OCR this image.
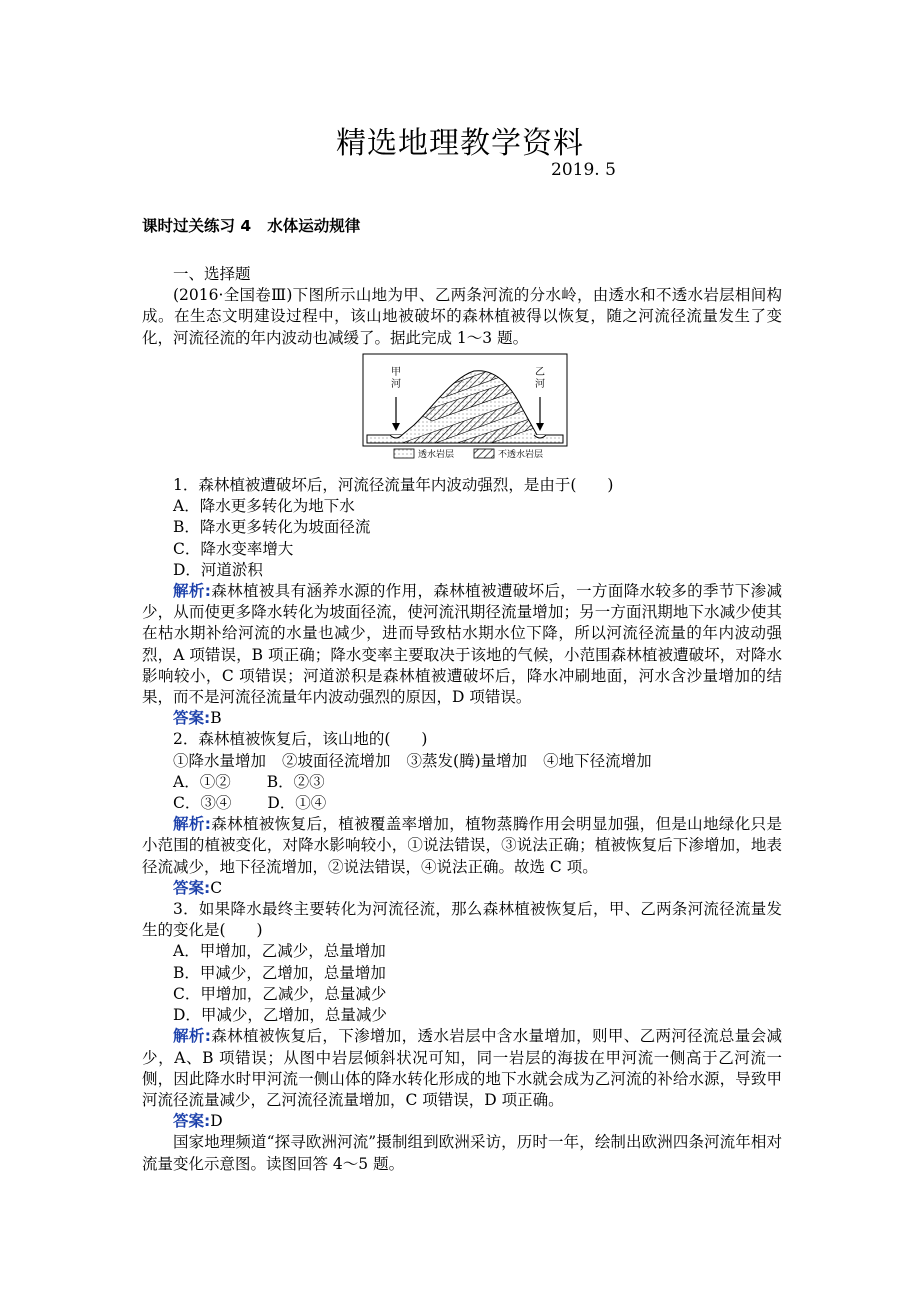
精选地理教学资料
2019. 5
课时过关练习 4 水体运动规律

一、选择题

(2016·全国卷Ⅲ)下图所示山地为甲、乙两条河流的分水岭，由透水和不透水岩层相间构成。在生态文明建设过程中，该山地被破坏的森林植被得以恢复，随之河流径流量发生了变化，河流径流的年内波动也减缓了。据此完成 1～3 题。

甲
河
乙
河
透水岩层	不透水岩层

1．森林植被遭破坏后，河流径流量年内波动强烈，是由于(　　)

A．降水更多转化为地下水

B．降水更多转化为坡面径流

C．降水变率增大

D．河道淤积

解析:森林植被具有涵养水源的作用，森林植被遭破坏后，一方面降水较多的季节下渗减少，从而使更多降水转化为坡面径流，使河流汛期径流量增加；另一方面汛期地下水减少使其在枯水期补给河流的水量也减少，进而导致枯水期水位下降，所以河流径流量的年内波动强烈，A 项错误，B 项正确；降水变率主要取决于该地的气候，小范围森林植被遭破坏，对降水影响较小，C 项错误；河道淤积是森林植被遭破坏后，降水冲刷地面，河水含沙量增加的结果，而不是河流径流量年内波动强烈的原因，D 项错误。

答案:B

2．森林植被恢复后，该山地的(　　)

①降水量增加 ②坡面径流增加 ③蒸发(腾)量增加 ④地下径流增加

A．①② B．②③

C．③④ D．①④

解析:森林植被恢复后，植被覆盖率增加，植物蒸腾作用会明显加强，但是山地绿化只是小范围的植被变化，对降水影响较小，①说法错误，③说法正确；植被恢复后下渗增加，地表径流减少，地下径流增加，②说法错误，④说法正确。故选 C 项。

答案:C

3．如果降水最终主要转化为河流径流，那么森林植被恢复后，甲、乙两条河流径流量发生的变化是(　　)

A．甲增加，乙减少，总量增加

B．甲减少，乙增加，总量增加

C．甲增加，乙减少，总量减少

D．甲减少，乙增加，总量减少

解析:森林植被恢复后，下渗增加，透水岩层中含水量增加，则甲、乙两河径流总量会减少，A、B 项错误；从图中岩层倾斜状况可知，同一岩层的海拔在甲河流一侧高于乙河流一侧，因此降水时甲河流一侧山体的降水转化形成的地下水就会成为乙河流的补给水源，导致甲河流径流量减少，乙河流径流量增加，C 项错误，D 项正确。

答案:D

国家地理频道“探寻欧洲河流”摄制组到欧洲采访，历时一年，绘制出欧洲四条河流年相对流量变化示意图。读图回答 4～5 题。
